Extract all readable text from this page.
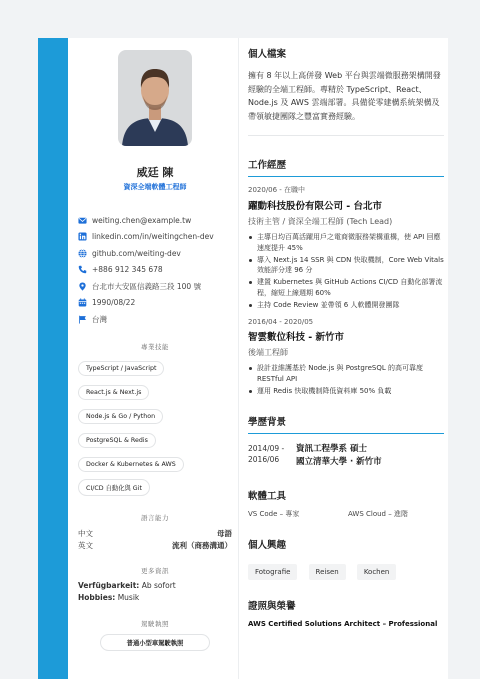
威廷 陳
資深全端軟體工程師
weiting.chen@example.tw
linkedin.com/in/weitingchen-dev
github.com/weiting-dev
+886 912 345 678
台北市大安區信義路三段 100 號
1990/08/22
台灣
專業技能
TypeScript / JavaScript
React.js & Next.js
Node.js & Go / Python
PostgreSQL & Redis
Docker & Kubernetes & AWS
CI/CD 自動化與 Git
語言能力
中文	母語
英文	流利（商務溝通）
更多資訊

Verfügbarkeit: Ab sofort

Hobbies: Musik

駕駛執照
普通小型車駕駛執照
個人檔案
擁有 8 年以上高併發 Web 平台與雲端微服務架構開發經驗的全端工程師。專精於 TypeScript、React、Node.js 及 AWS 雲端部署。具備從零建構系統架構及帶領敏捷團隊之豐富實務經驗。
工作經歷
2020/06 - 在職中
躍動科技股份有限公司 - 台北市
技術主管 / 資深全端工程師 (Tech Lead)
主導日均百萬活躍用戶之電商微服務架構重構，使 API 回應速度提升 45%
導入 Next.js 14 SSR 與 CDN 快取機制，Core Web Vitals 效能評分達 96 分
建置 Kubernetes 與 GitHub Actions CI/CD 自動化部署流程，縮短上線週期 60%
主持 Code Review 並帶領 6 人軟體開發團隊
2016/04 - 2020/05
智雲數位科技 - 新竹市
後端工程師
設計並維護基於 Node.js 與 PostgreSQL 的高可靠度 RESTful API
運用 Redis 快取機制降低資料庫 50% 負載
學歷背景
2014/09 -
2016/06
資訊工程學系 碩士
國立清華大學 · 新竹市
軟體工具
VS Code – 專家	AWS Cloud – 進階
個人興趣
Fotografie	Reisen	Kochen
證照與榮譽
AWS Certified Solutions Architect – Professional
